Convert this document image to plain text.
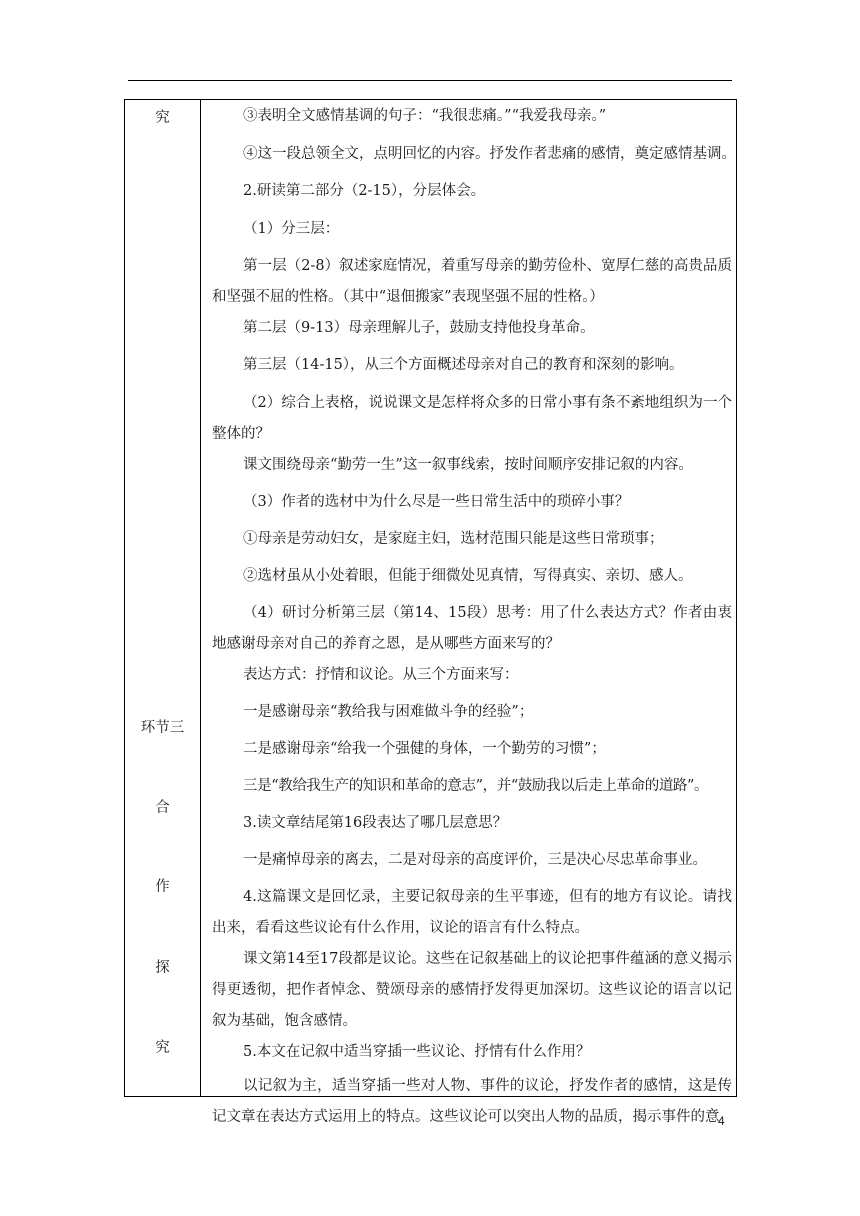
究
环节三
合
作
探
究

③表明全文感情基调的句子：“我很悲痛。”“我爱我母亲。”

④这一段总领全文，点明回忆的内容。抒发作者悲痛的感情，奠定感情基调。

2.研读第二部分（2-15），分层体会。

（1）分三层：

第一层（2-8）叙述家庭情况，着重写母亲的勤劳俭朴、宽厚仁慈的高贵品质和坚强不屈的性格。（其中“退佃搬家”表现坚强不屈的性格。）

第二层（9-13）母亲理解儿子，鼓励支持他投身革命。

第三层（14-15），从三个方面概述母亲对自己的教育和深刻的影响。

（2）综合上表格，说说课文是怎样将众多的日常小事有条不紊地组织为一个整体的？

课文围绕母亲“勤劳一生”这一叙事线索，按时间顺序安排记叙的内容。

（3）作者的选材中为什么尽是一些日常生活中的琐碎小事？

①母亲是劳动妇女，是家庭主妇，选材范围只能是这些日常琐事；

②选材虽从小处着眼，但能于细微处见真情，写得真实、亲切、感人。

（4）研讨分析第三层（第14、15段）思考：用了什么表达方式？作者由衷地感谢母亲对自己的养育之恩，是从哪些方面来写的？

表达方式：抒情和议论。从三个方面来写：

一是感谢母亲“教给我与困难做斗争的经验”；

二是感谢母亲“给我一个强健的身体，一个勤劳的习惯”；

三是“教给我生产的知识和革命的意志”，并“鼓励我以后走上革命的道路”。

3.读文章结尾第16段表达了哪几层意思？

一是痛悼母亲的离去，二是对母亲的高度评价，三是决心尽忠革命事业。

4.这篇课文是回忆录，主要记叙母亲的生平事迹，但有的地方有议论。请找出来，看看这些议论有什么作用，议论的语言有什么特点。

课文第14至17段都是议论。这些在记叙基础上的议论把事件蕴涵的意义揭示得更透彻，把作者悼念、赞颂母亲的感情抒发得更加深切。这些议论的语言以记叙为基础，饱含感情。

5.本文在记叙中适当穿插一些议论、抒情有什么作用？

以记叙为主，适当穿插一些对人物、事件的议论，抒发作者的感情，这是传记文章在表达方式运用上的特点。这些议论可以突出人物的品质，揭示事件的意

4
